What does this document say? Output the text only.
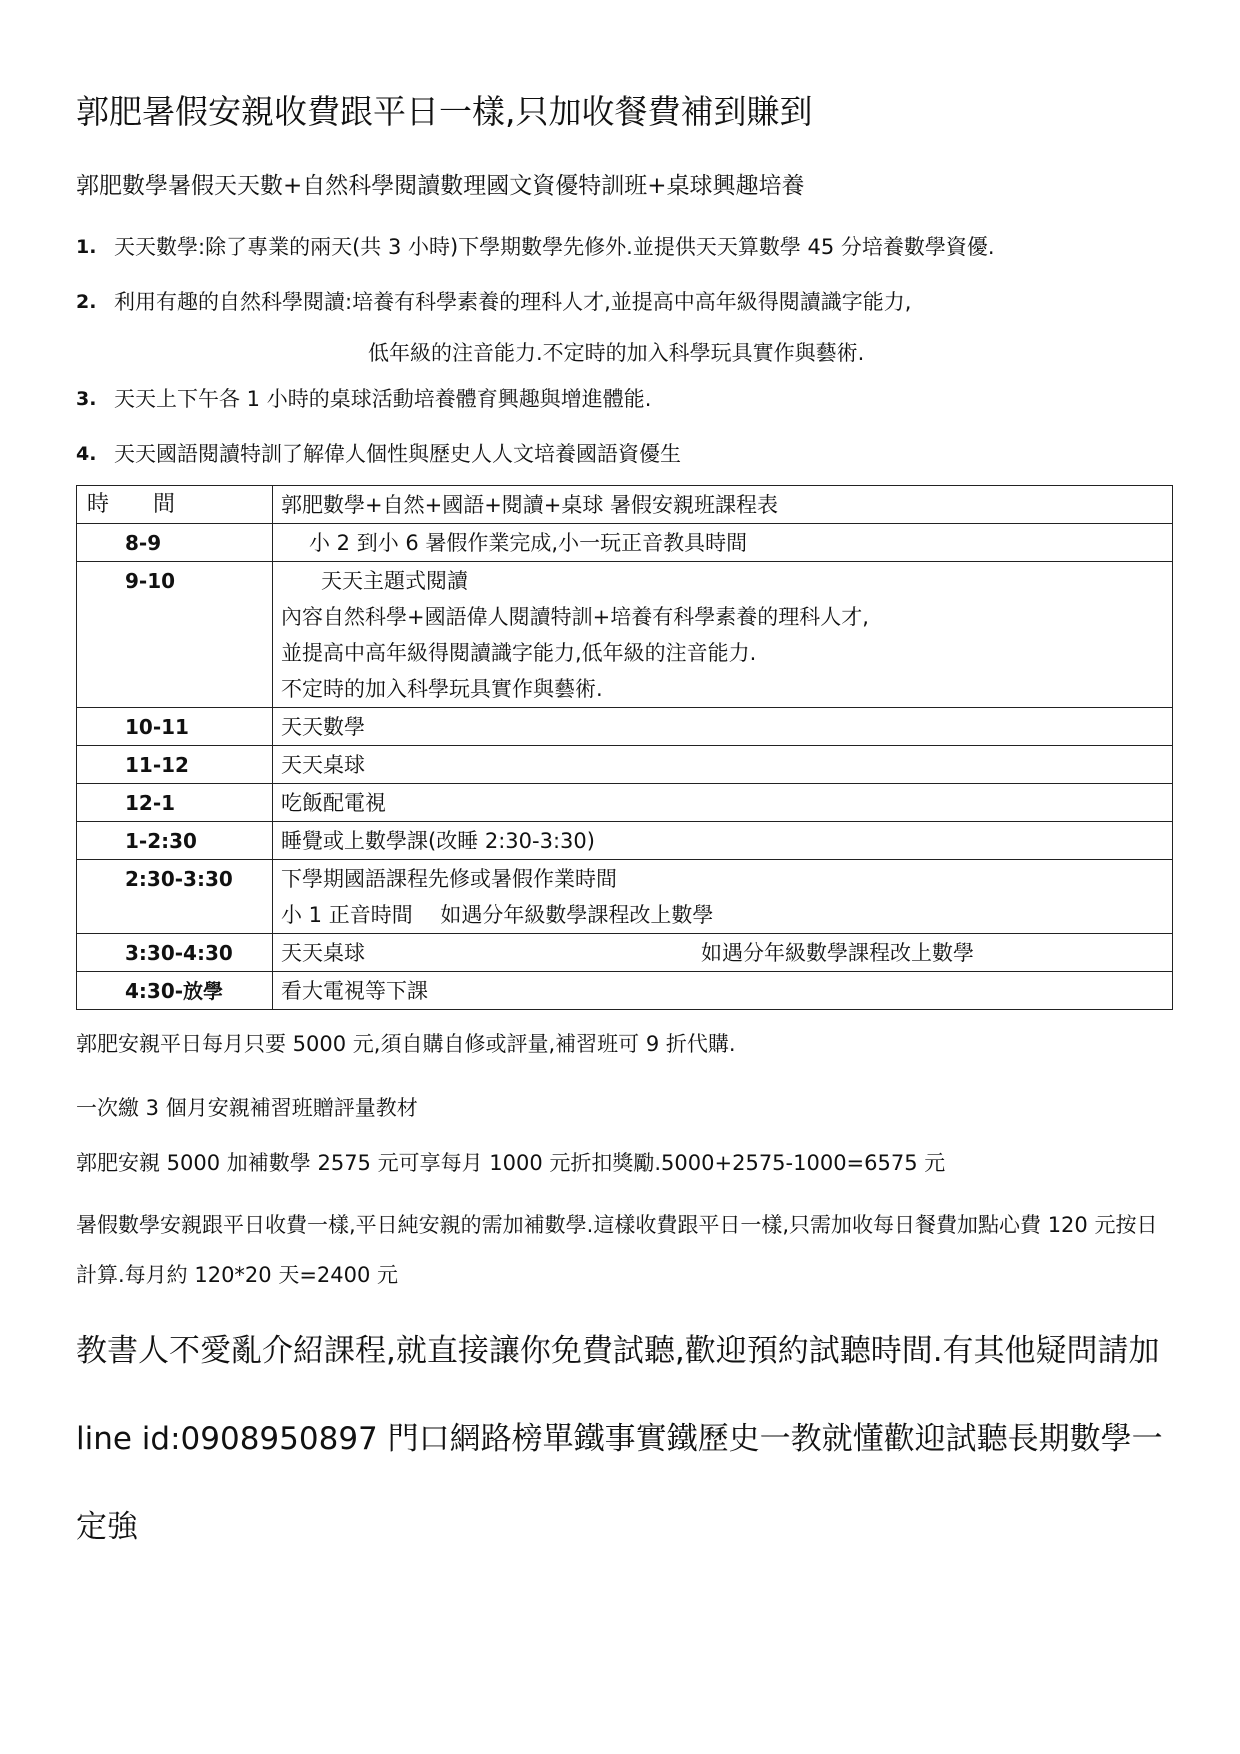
郭肥暑假安親收費跟平日一樣,只加收餐費補到賺到
郭肥數學暑假天天數+自然科學閱讀數理國文資優特訓班+桌球興趣培養
1. 天天數學:除了專業的兩天(共 3 小時)下學期數學先修外.並提供天天算數學 45 分培養數學資優.
2. 利用有趣的自然科學閱讀:培養有科學素養的理科人才,並提高中高年級得閱讀識字能力,
低年級的注音能力.不定時的加入科學玩具實作與藝術.
3. 天天上下午各 1 小時的桌球活動培養體育興趣與增進體能.
4. 天天國語閱讀特訓了解偉人個性與歷史人人文培養國語資優生
時　　間	郭肥數學+自然+國語+閱讀+桌球 暑假安親班課程表
8-9	小 2 到小 6 暑假作業完成,小一玩正音教具時間

9-10	天天主題式閱讀
內容自然科學+國語偉人閱讀特訓+培養有科學素養的理科人才,
並提高中高年級得閱讀識字能力,低年級的注音能力.
不定時的加入科學玩具實作與藝術.

10-11	天天數學

11-12	天天桌球

12-1	吃飯配電視

1-2:30	睡覺或上數學課(改睡 2:30-3:30)

2:30-3:30	下學期國語課程先修或暑假作業時間
小 1 正音時間　 如遇分年級數學課程改上數學

3:30-4:30	天天桌球 如遇分年級數學課程改上數學

4:30-放學	看大電視等下課
郭肥安親平日每月只要 5000 元,須自購自修或評量,補習班可 9 折代購.
一次繳 3 個月安親補習班贈評量教材
郭肥安親 5000 加補數學 2575 元可享每月 1000 元折扣獎勵.5000+2575-1000=6575 元
暑假數學安親跟平日收費一樣,平日純安親的需加補數學.這樣收費跟平日一樣,只需加收每日餐費加點心費 120 元按日計算.每月約 120*20 天=2400 元
教書人不愛亂介紹課程,就直接讓你免費試聽,歡迎預約試聽時間.有其他疑問請加 line id:0908950897 門口網路榜單鐵事實鐵歷史一教就懂歡迎試聽長期數學一定強
